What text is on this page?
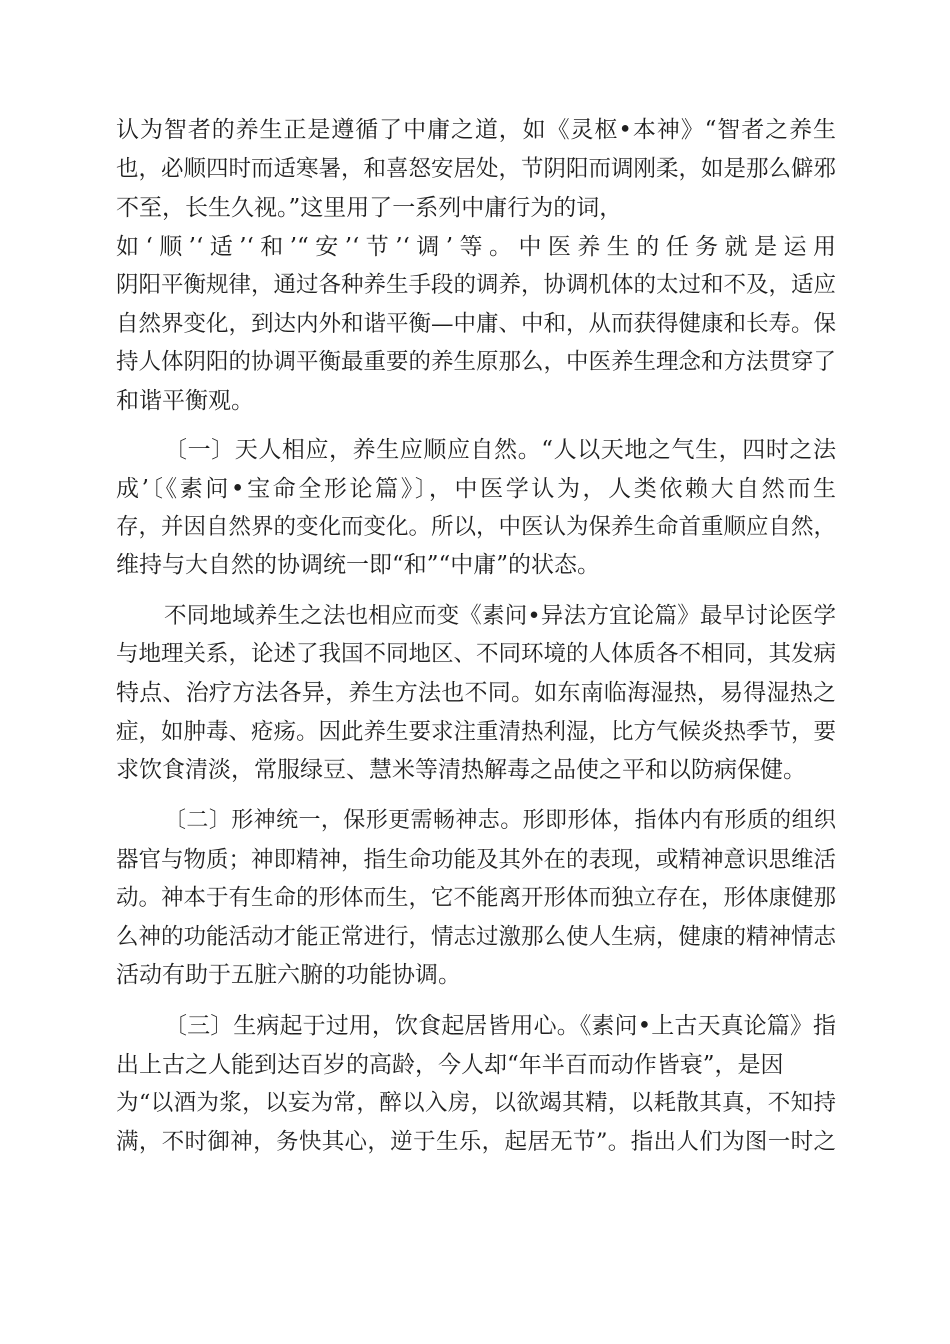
认为智者的养生正是遵循了中庸之道，如《灵枢•本神》“智者之养生

也，必顺四时而适寒暑，和喜怒安居处，节阴阳而调刚柔，如是那么僻邪

不至，长生久视。”这里用了一系列中庸行为的词，

如‘顺’‘适’‘和’“安’‘节’‘调’等。中医养生的任务就是运用

阴阳平衡规律，通过各种养生手段的调养，协调机体的太过和不及，适应

自然界变化，到达内外和谐平衡—中庸、中和，从而获得健康和长寿。保

持人体阴阳的协调平衡最重要的养生原那么，中医养生理念和方法贯穿了

和谐平衡观。

〔一〕天人相应，养生应顺应自然。“人以天地之气生，四时之法

成’〔《素问•宝命全形论篇》〕，中医学认为，人类依赖大自然而生

存，并因自然界的变化而变化。所以，中医认为保养生命首重顺应自然，

维持与大自然的协调统一即“和”“中庸”的状态。

不同地域养生之法也相应而变《素问•异法方宜论篇》最早讨论医学

与地理关系，论述了我国不同地区、不同环境的人体质各不相同，其发病

特点、治疗方法各异，养生方法也不同。如东南临海湿热，易得湿热之

症，如肿毒、疮疡。因此养生要求注重清热利湿，比方气候炎热季节，要

求饮食清淡，常服绿豆、慧米等清热解毒之品使之平和以防病保健。

〔二〕形神统一，保形更需畅神志。形即形体，指体内有形质的组织

器官与物质；神即精神，指生命功能及其外在的表现，或精神意识思维活

动。神本于有生命的形体而生，它不能离开形体而独立存在，形体康健那

么神的功能活动才能正常进行，情志过激那么使人生病，健康的精神情志

活动有助于五脏六腑的功能协调。

〔三〕生病起于过用，饮食起居皆用心。《素问•上古天真论篇》指

出上古之人能到达百岁的高龄，今人却“年半百而动作皆衰”，是因

为“以酒为浆，以妄为常，醉以入房，以欲竭其精，以耗散其真，不知持

满，不时御神，务快其心，逆于生乐，起居无节”。指出人们为图一时之
